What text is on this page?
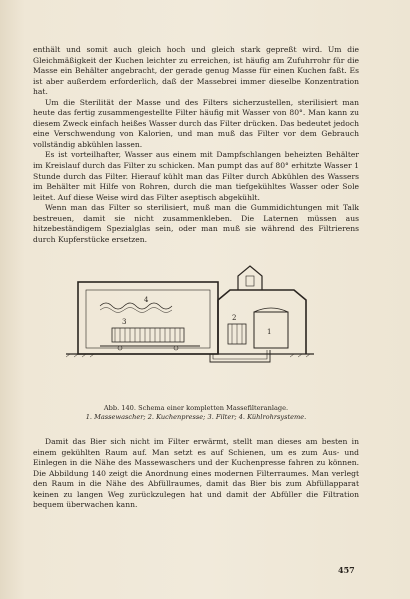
enthält und somit auch gleich hoch und gleich stark gepreßt wird. Um die Gleichmäßigkeit der Kuchen leichter zu erreichen, ist häufig am Zufuhrrohr für die Masse ein Behälter angebracht, der gerade genug Masse für einen Kuchen faßt. Es ist aber außerdem erforderlich, daß der Massebrei immer dieselbe Konzentration hat.

Um die Sterilität der Masse und des Filters sicherzustellen, sterilisiert man heute das fertig zusammengestellte Filter häufig mit Wasser von 80°. Man kann zu diesem Zweck einfach heißes Wasser durch das Filter drücken. Das bedeutet jedoch eine Verschwendung von Kalorien, und man muß das Filter vor dem Gebrauch vollständig abkühlen lassen.

Es ist vorteilhafter, Wasser aus einem mit Dampfschlangen beheizten Behälter im Kreislauf durch das Filter zu schicken. Man pumpt das auf 80° erhitzte Wasser 1 Stunde durch das Filter. Hierauf kühlt man das Filter durch Abkühlen des Wassers im Behälter mit Hilfe von Rohren, durch die man tiefgekühltes Wasser oder Sole leitet. Auf diese Weise wird das Filter aseptisch abgekühlt.

Wenn man das Filter so sterilisiert, muß man die Gummidichtungen mit Talk bestreuen, damit sie nicht zusammenkleben. Die Laternen müssen aus hitzebeständigem Spezialglas sein, oder man muß sie während des Filtrierens durch Kupferstücke ersetzen.

1
2
3
4
Abb. 140. Schema einer kompletten Massefilteranlage.
1. Massewascher; 2. Kuchenpresse; 3. Filter; 4. Kühlrohrsysteme.

Damit das Bier sich nicht im Filter erwärmt, stellt man dieses am besten in einem gekühlten Raum auf. Man setzt es auf Schienen, um es zum Aus- und Einlegen in die Nähe des Massewaschers und der Kuchenpresse fahren zu können. Die Abbildung 140 zeigt die Anordnung eines modernen Filterraumes. Man verlegt den Raum in die Nähe des Abfüllraumes, damit das Bier bis zum Abfüllapparat keinen zu langen Weg zurückzulegen hat und damit der Abfüller die Filtration bequem überwachen kann.

457
